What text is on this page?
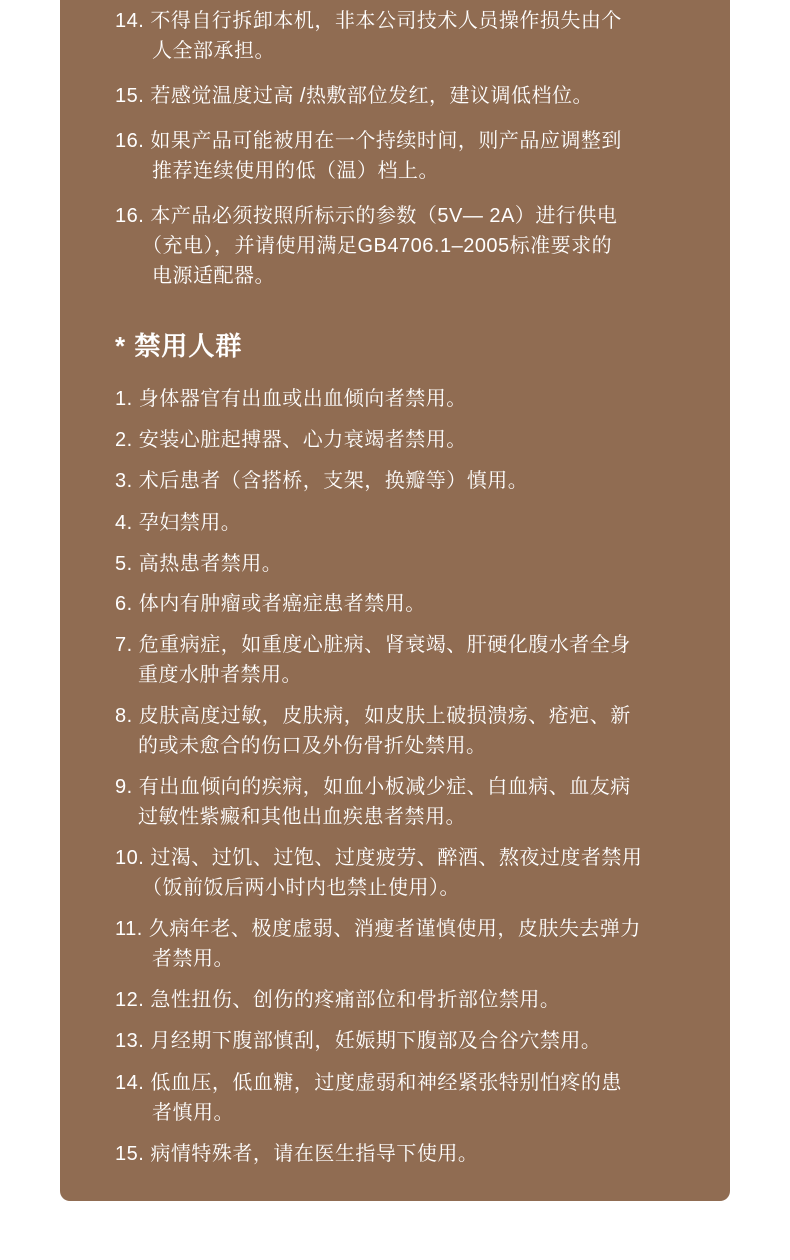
14. 不得自行拆卸本机，非本公司技术人员操作损失由个
人全部承担。
15. 若感觉温度过高 /热敷部位发红，建议调低档位。
16. 如果产品可能被用在一个持续时间，则产品应调整到
推荐连续使用的低（温）档上。
16. 本产品必须按照所标示的参数（5V— 2A）进行供电
（充电），并请使用满足GB4706.1–2005标准要求的
电源适配器。
* 禁用人群
1. 身体器官有出血或出血倾向者禁用。
2. 安装心脏起搏器、心力衰竭者禁用。
3. 术后患者（含搭桥，支架，换瓣等）慎用。
4. 孕妇禁用。
5. 高热患者禁用。
6. 体内有肿瘤或者癌症患者禁用。
7. 危重病症，如重度心脏病、肾衰竭、肝硬化腹水者全身
重度水肿者禁用。
8. 皮肤高度过敏，皮肤病，如皮肤上破损溃疡、疮疤、新
的或未愈合的伤口及外伤骨折处禁用。
9. 有出血倾向的疾病，如血小板减少症、白血病、血友病
过敏性紫癜和其他出血疾患者禁用。
10. 过渴、过饥、过饱、过度疲劳、醉酒、熬夜过度者禁用
（饭前饭后两小时内也禁止使用）。
11. 久病年老、极度虚弱、消瘦者谨慎使用，皮肤失去弹力
者禁用。
12. 急性扭伤、创伤的疼痛部位和骨折部位禁用。
13. 月经期下腹部慎刮，妊娠期下腹部及合谷穴禁用。
14. 低血压，低血糖，过度虚弱和神经紧张特别怕疼的患
者慎用。
15. 病情特殊者，请在医生指导下使用。
